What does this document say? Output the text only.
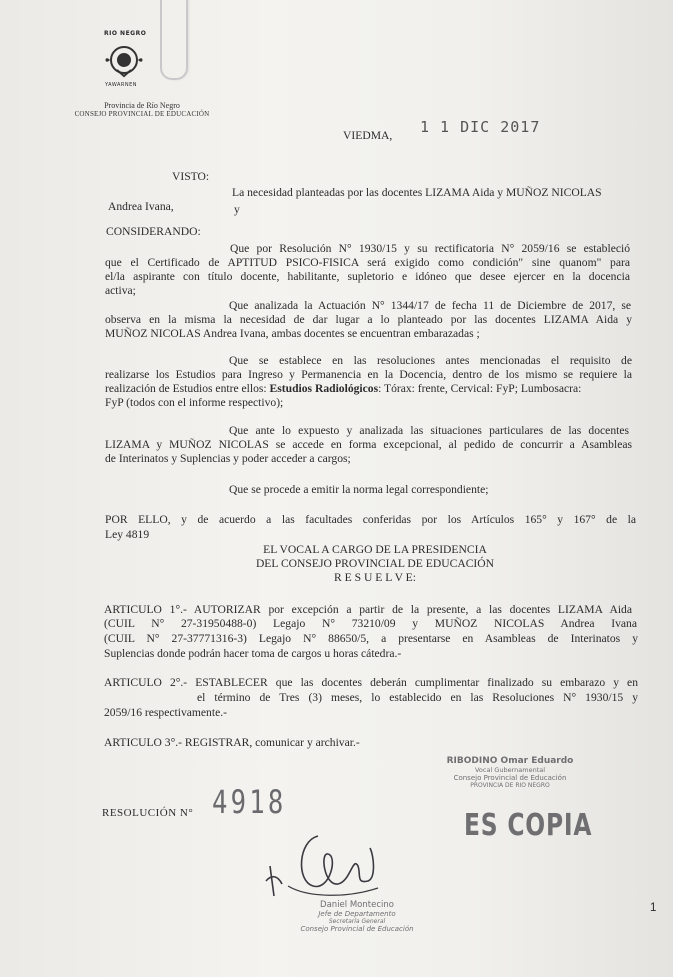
RIO NEGRO
YAWARNEN
Provincia de Río Negro
CONSEJO PROVINCIAL DE EDUCACIÓN
VIEDMA, 1 1 DIC 2017
VISTO:
La necesidad planteadas por las docentes LIZAMA Aida y MUÑOZ NICOLAS
Andrea Ivana,	y
CONSIDERANDO:
Que por Resolución N° 1930/15 y su rectificatoria N° 2059/16 se estableció
que el Certificado de APTITUD PSICO-FISICA será exigido como condición" sine quanom" para
el/la aspirante con título docente, habilitante, supletorio e idóneo que desee ejercer en la docencia
activa;
Que analizada la Actuación N° 1344/17 de fecha 11 de Diciembre de 2017, se
observa en la misma la necesidad de dar lugar a lo planteado por las docentes LIZAMA Aida y
MUÑOZ NICOLAS Andrea Ivana, ambas docentes se encuentran embarazadas ;
Que se establece en las resoluciones antes mencionadas el requisito de
realizarse los Estudios para Ingreso y Permanencia en la Docencia, dentro de los mismo se requiere la
realización de Estudios entre ellos: Estudios Radiológicos: Tórax: frente, Cervical: FyP; Lumbosacra:
FyP (todos con el informe respectivo);
Que ante lo expuesto y analizada las situaciones particulares de las docentes
LIZAMA y MUÑOZ NICOLAS se accede en forma excepcional, al pedido de concurrir a Asambleas
de Interinatos y Suplencias y poder acceder a cargos;
Que se procede a emitir la norma legal correspondiente;
POR ELLO, y de acuerdo a las facultades conferidas por los Artículos 165° y 167° de la
Ley 4819
EL VOCAL A CARGO DE LA PRESIDENCIA
DEL CONSEJO PROVINCIAL DE EDUCACIÓN
R E S U E L V E:
ARTICULO 1°.- AUTORIZAR por excepción a partir de la presente, a las docentes LIZAMA Aida
(CUIL N° 27-31950488-0) Legajo N° 73210/09 y MUÑOZ NICOLAS Andrea Ivana
(CUIL N° 27-37771316-3) Legajo N° 88650/5, a presentarse en Asambleas de Interinatos y
Suplencias donde podrán hacer toma de cargos u horas cátedra.-
ARTICULO 2°.- ESTABLECER que las docentes deberán cumplimentar finalizado su embarazo y en
el término de Tres (3) meses, lo establecido en las Resoluciones N° 1930/15 y
2059/16 respectivamente.-
ARTICULO 3°.- REGISTRAR, comunicar y archivar.-
RIBODINO Omar Eduardo
Vocal Gubernamental
Consejo Provincial de Educación
PROVINCIA DE RIO NEGRO
ES COPIA
RESOLUCIÓN N° 4918
Daniel Montecino
Jefe de Departamento
Secretaría General
Consejo Provincial de Educación
1
